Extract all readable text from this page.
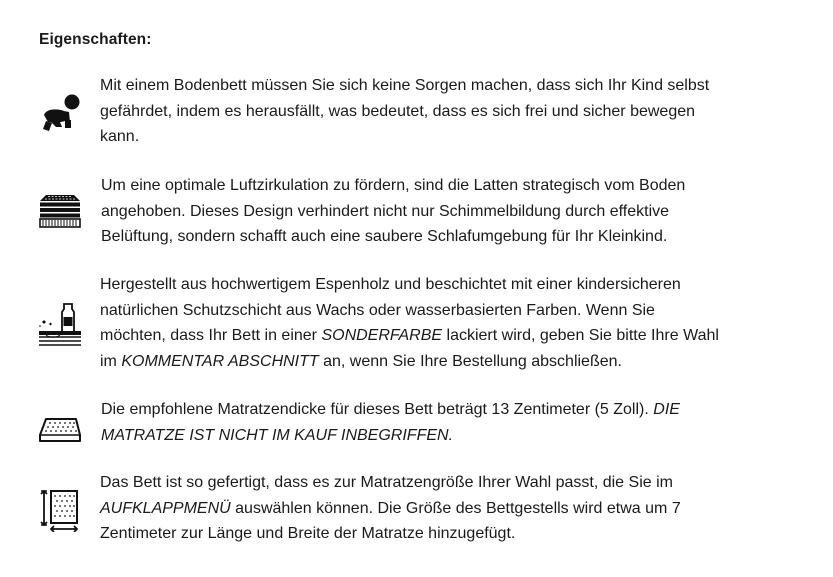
Eigenschaften:
Mit einem Bodenbett müssen Sie sich keine Sorgen machen, dass sich Ihr Kind selbst
gefährdet, indem es herausfällt, was bedeutet, dass es sich frei und sicher bewegen
kann.
Um eine optimale Luftzirkulation zu fördern, sind die Latten strategisch vom Boden
angehoben. Dieses Design verhindert nicht nur Schimmelbildung durch effektive
Belüftung, sondern schafft auch eine saubere Schlafumgebung für Ihr Kleinkind.
Hergestellt aus hochwertigem Espenholz und beschichtet mit einer kindersicheren
natürlichen Schutzschicht aus Wachs oder wasserbasierten Farben. Wenn Sie
möchten, dass Ihr Bett in einer SONDERFARBE lackiert wird, geben Sie bitte Ihre Wahl
im KOMMENTAR ABSCHNITT an, wenn Sie Ihre Bestellung abschließen.
Die empfohlene Matratzendicke für dieses Bett beträgt 13 Zentimeter (5 Zoll). DIE
MATRATZE IST NICHT IM KAUF INBEGRIFFEN.
Das Bett ist so gefertigt, dass es zur Matratzengröße Ihrer Wahl passt, die Sie im
AUFKLAPPMENÜ auswählen können. Die Größe des Bettgestells wird etwa um 7
Zentimeter zur Länge und Breite der Matratze hinzugefügt.
